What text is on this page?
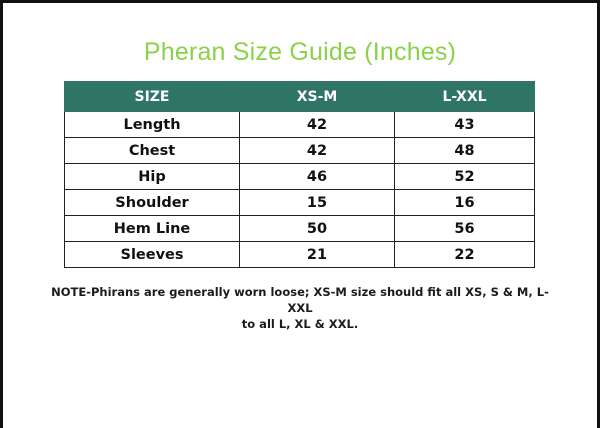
Pheran Size Guide (Inches)
SIZE	XS-M	L-XXL
Length	42	43
Chest	42	48
Hip	46	52
Shoulder	15	16
Hem Line	50	56
Sleeves	21	22
NOTE-Phirans are generally worn loose; XS-M size should fit all XS, S & M, L-XXL
to all L, XL & XXL.
